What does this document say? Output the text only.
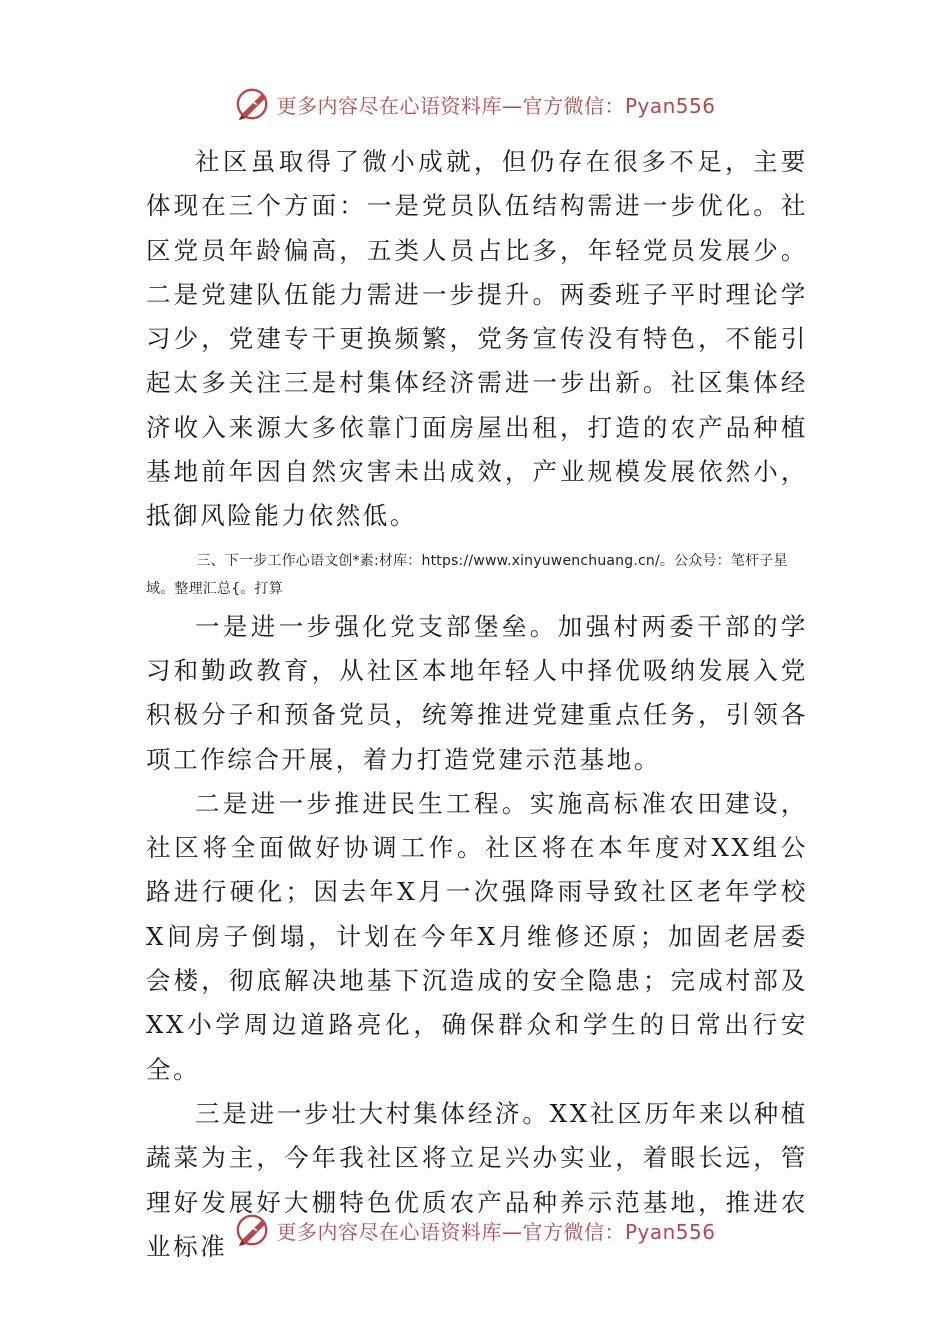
更多内容尽在心语资料库—官方微信：Pyan556

社区虽取得了微小成就，但仍存在很多不足，主要体现在三个方面：一是党员队伍结构需进一步优化。社区党员年龄偏高，五类人员占比多，年轻党员发展少。二是党建队伍能力需进一步提升。两委班子平时理论学习少，党建专干更换频繁，党务宣传没有特色，不能引起太多关注三是村集体经济需进一步出新。社区集体经济收入来源大多依靠门面房屋出租，打造的农产品种植基地前年因自然灾害未出成效，产业规模发展依然小，抵御风险能力依然低。

三、下一步工作心语文创*素:材库：https://www.xinyuwenchuang.cn/。公众号：笔杆子星域。整理汇总{。打算

一是进一步强化党支部堡垒。加强村两委干部的学习和勤政教育，从社区本地年轻人中择优吸纳发展入党积极分子和预备党员，统筹推进党建重点任务，引领各项工作综合开展，着力打造党建示范基地。

二是进一步推进民生工程。实施高标准农田建设，社区将全面做好协调工作。社区将在本年度对XX组公路进行硬化；因去年X月一次强降雨导致社区老年学校X间房子倒塌，计划在今年X月维修还原；加固老居委会楼，彻底解决地基下沉造成的安全隐患；完成村部及XX小学周边道路亮化，确保群众和学生的日常出行安全。

三是进一步壮大村集体经济。XX社区历年来以种植蔬菜为主，今年我社区将立足兴办实业，着眼长远，管理好发展好大棚特色优质农产品种养示范基地，推进农业标准

更多内容尽在心语资料库—官方微信：Pyan556
